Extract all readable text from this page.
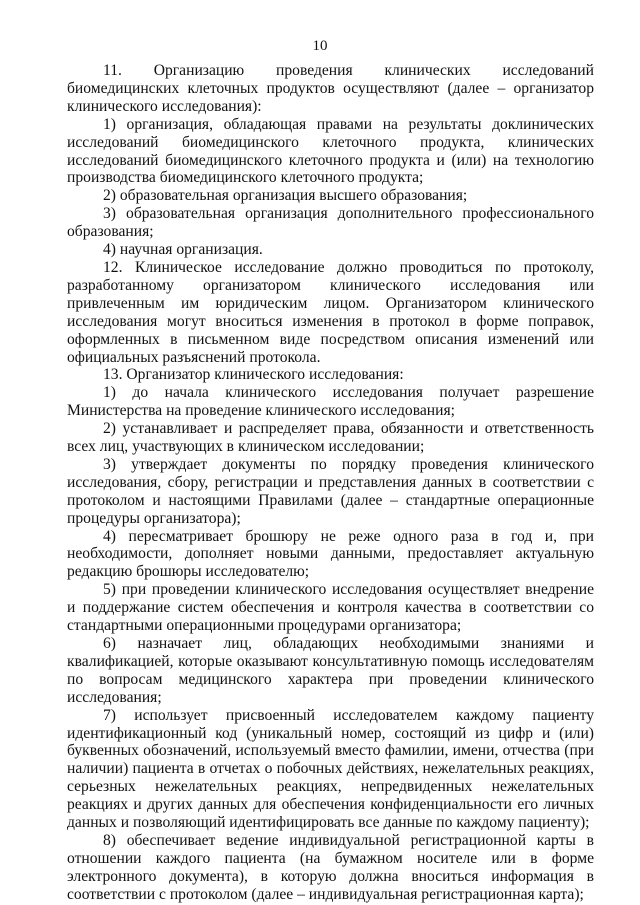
10

11. Организацию проведения клинических исследований биомедицинских клеточных продуктов осуществляют (далее – организатор клинического исследования):

1) организация, обладающая правами на результаты доклинических исследований биомедицинского клеточного продукта, клинических исследований биомедицинского клеточного продукта и (или) на технологию производства биомедицинского клеточного продукта;

2) образовательная организация высшего образования;

3) образовательная организация дополнительного профессионального образования;

4) научная организация.

12. Клиническое исследование должно проводиться по протоколу, разработанному организатором клинического исследования или привлеченным им юридическим лицом. Организатором клинического исследования могут вноситься изменения в протокол в форме поправок, оформленных в письменном виде посредством описания изменений или официальных разъяснений протокола.

13. Организатор клинического исследования:

1) до начала клинического исследования получает разрешение Министерства на проведение клинического исследования;

2) устанавливает и распределяет права, обязанности и ответственность всех лиц, участвующих в клиническом исследовании;

3) утверждает документы по порядку проведения клинического исследования, сбору, регистрации и представления данных в соответствии с протоколом и настоящими Правилами (далее – стандартные операционные процедуры организатора);

4) пересматривает брошюру не реже одного раза в год и, при необходимости, дополняет новыми данными, предоставляет актуальную редакцию брошюры исследователю;

5) при проведении клинического исследования осуществляет внедрение и поддержание систем обеспечения и контроля качества в соответствии со стандартными операционными процедурами организатора;

6) назначает лиц, обладающих необходимыми знаниями и квалификацией, которые оказывают консультативную помощь исследователям по вопросам медицинского характера при проведении клинического исследования;

7) использует присвоенный исследователем каждому пациенту идентификационный код (уникальный номер, состоящий из цифр и (или) буквенных обозначений, используемый вместо фамилии, имени, отчества (при наличии) пациента в отчетах о побочных действиях, нежелательных реакциях, серьезных нежелательных реакциях, непредвиденных нежелательных реакциях и других данных для обеспечения конфиденциальности его личных данных и позволяющий идентифицировать все данные по каждому пациенту);

8) обеспечивает ведение индивидуальной регистрационной карты в отношении каждого пациента (на бумажном носителе или в форме электронного документа), в которую должна вноситься информация в соответствии с протоколом (далее – индивидуальная регистрационная карта);
